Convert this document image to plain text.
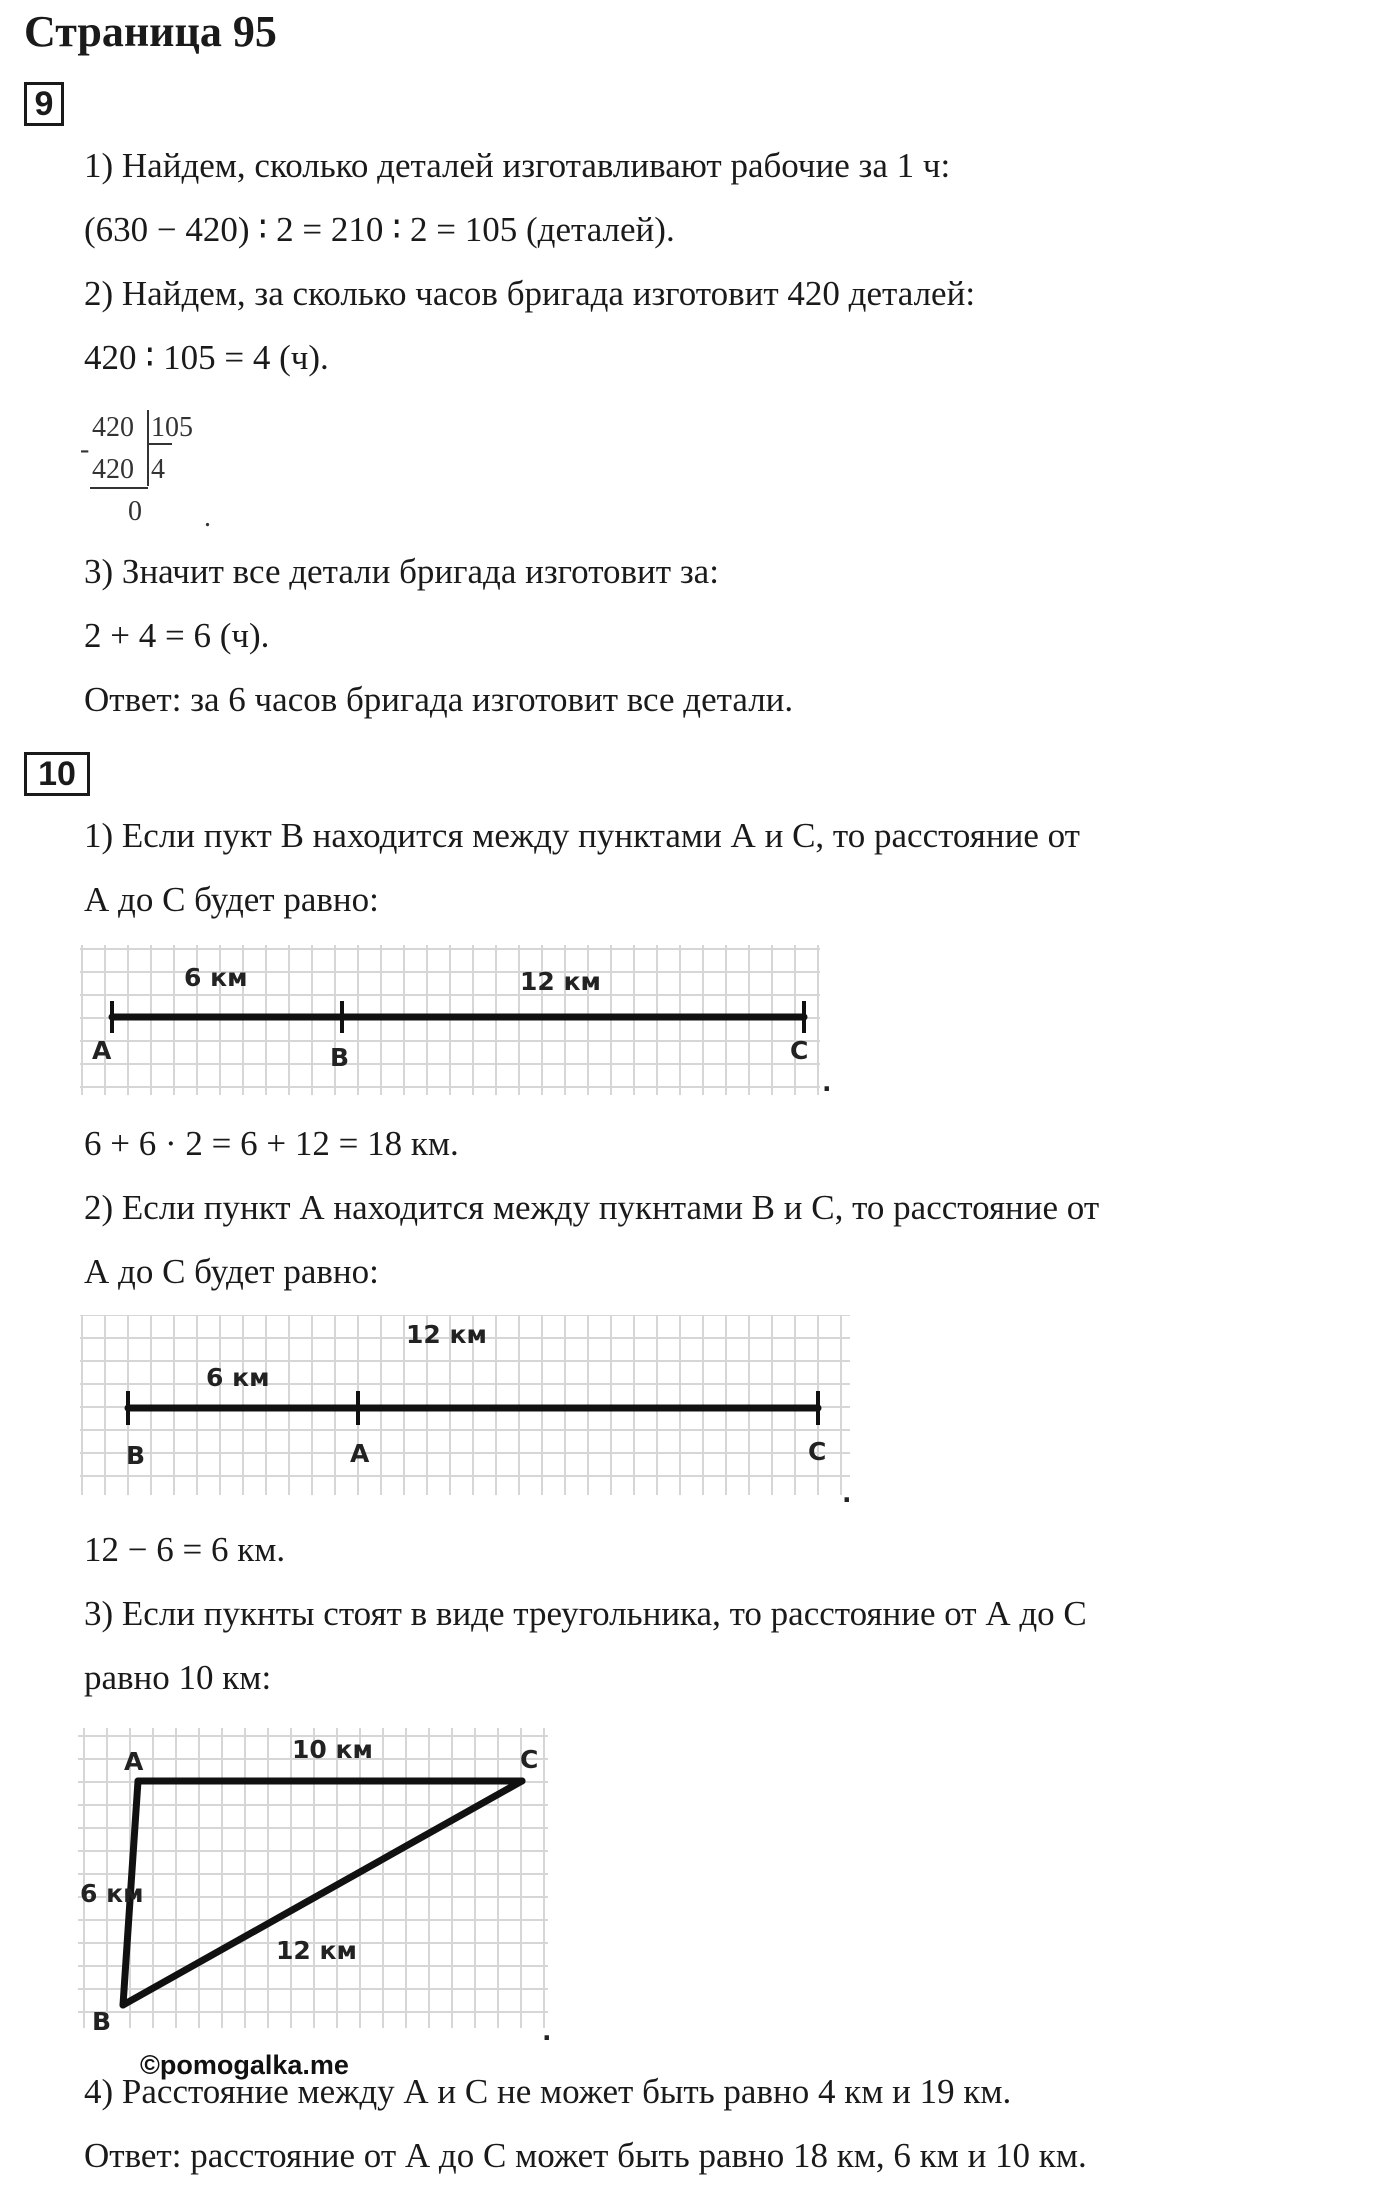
Страница 95
9
1) Найдем, сколько деталей изготавливают рабочие за 1 ч:
(630 − 420) ∶ 2 = 210 ∶ 2 = 105 (деталей).
2) Найдем, за сколько часов бригада изготовит 420 деталей:
420 ∶ 105 = 4 (ч).
-
420 105
420 4
0 .
3) Значит все детали бригада изготовит за:
2 + 4 = 6 (ч).
Ответ: за 6 часов бригада изготовит все детали.
10
1) Если пукт В находится между пунктами А и С, то расстояние от
А до С будет равно:
6 км	12 км
A	B	C
.
6 + 6 · 2 = 6 + 12 = 18 км.
2) Если пункт А находится между пукнтами В и С, то расстояние от
А до С будет равно:
12 км
6 км
B	A	C
.
12 − 6 = 6 км.
3) Если пукнты стоят в виде треугольника, то расстояние от А до С
равно 10 км:
A	C
B
10 км
6 км
12 км
.
©pomogalka.me
4) Расстояние между А и С не может быть равно 4 км и 19 км.
Ответ: расстояние от А до С может быть равно 18 км, 6 км и 10 км.
